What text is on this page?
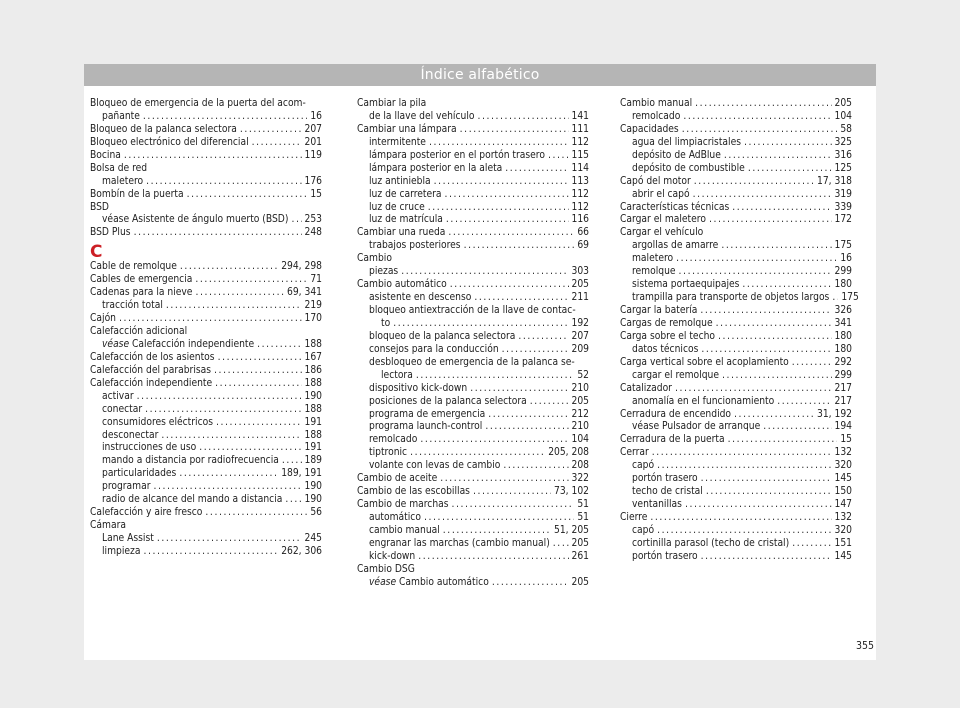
Índice alfabético
Bloqueo de emergencia de la puerta del acom-
pañante .....	16
Bloqueo de la palanca selectora .....	207
Bloqueo electrónico del diferencial .....	201
Bocina .....	119
Bolsa de red
maletero .....	176
Bombín de la puerta .....	15
BSD
véase Asistente de ángulo muerto (BSD) ..... 253
BSD Plus .....	248
C
Cable de remolque .....	294, 298
Cables de emergencia .....	71
Cadenas para la nieve .....	69, 341
tracción total .....	219
Cajón .....	170
Calefacción adicional
véase Calefacción independiente .....	188
Calefacción de los asientos .....	167
Calefacción del parabrisas .....	186
Calefacción independiente .....	188
activar .....	190
conectar .....	188
consumidores eléctricos .....	191
desconectar .....	188
instrucciones de uso .....	191
mando a distancia por radiofrecuencia .....	189
particularidades .....	189, 191
programar .....	190
radio de alcance del mando a distancia ..... 190
Calefacción y aire fresco .....	56
Cámara
Lane Assist .....	245
limpieza .....	262, 306
Cambiar la pila
de la llave del vehículo .....	141
Cambiar una lámpara .....	111
intermitente .....	112
lámpara posterior en el portón trasero .....	115
lámpara posterior en la aleta .....	114
luz antiniebla .....	113
luz de carretera .....	112
luz de cruce .....	112
luz de matrícula .....	116
Cambiar una rueda .....	66
trabajos posteriores .....	69
Cambio
piezas .....	303
Cambio automático .....	205
asistente en descenso .....	211
bloqueo antiextracción de la llave de contac-
to .....	192
bloqueo de la palanca selectora .....	207
consejos para la conducción .....	209
desbloqueo de emergencia de la palanca se-
lectora .....	52
dispositivo kick-down .....	210
posiciones de la palanca selectora .....	205
programa de emergencia .....	212
programa launch-control .....	210
remolcado .....	104
tiptronic .....	205, 208
volante con levas de cambio .....	208
Cambio de aceite .....	322
Cambio de las escobillas .....	73, 102
Cambio de marchas .....	51
automático .....	51
cambio manual .....	51, 205
engranar las marchas (cambio manual) ..... 205
kick-down .....	261
Cambio DSG
véase Cambio automático .....	205
Cambio manual .....	205
remolcado .....	104
Capacidades .....	58
agua del limpiacristales .....	325
depósito de AdBlue .....	316
depósito de combustible .....	125
Capó del motor .....	17, 318
abrir el capó .....	319
Características técnicas .....	339
Cargar el maletero .....	172
Cargar el vehículo
argollas de amarre .....	175
maletero .....	16
remolque .....	299
sistema portaequipajes .....	180
trampilla para transporte de objetos largos ..... 175
Cargar la batería .....	326
Cargas de remolque .....	341
Carga sobre el techo .....	180
datos técnicos .....	180
Carga vertical sobre el acoplamiento .....	292
cargar el remolque .....	299
Catalizador .....	217
anomalía en el funcionamiento .....	217
Cerradura de encendido .....	31, 192
véase Pulsador de arranque .....	194
Cerradura de la puerta .....	15
Cerrar .....	132
capó .....	320
portón trasero .....	145
techo de cristal .....	150
ventanillas .....	147
Cierre .....	132
capó .....	320
cortinilla parasol (techo de cristal) .....	151
portón trasero .....	145
355
